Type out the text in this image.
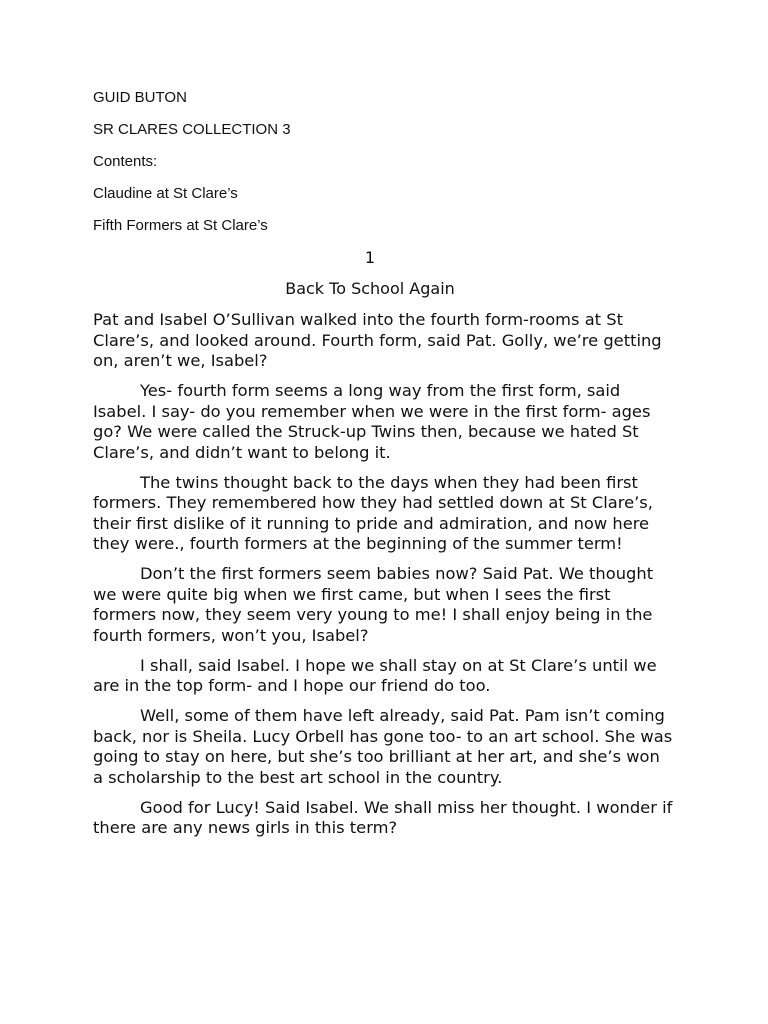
GUID BUTON
SR CLARES COLLECTION 3
Contents:
Claudine at St Clare’s
Fifth Formers at St Clare’s
1
Back To School Again

Pat and Isabel O’Sullivan walked into the fourth form-rooms at St Clare’s, and looked around. Fourth form, said Pat. Golly, we’re getting on, aren’t we, Isabel?

Yes- fourth form seems a long way from the first form, said Isabel. I say- do you remember when we were in the first form- ages go? We were called the Struck-up Twins then, because we hated St Clare’s, and didn’t want to belong it.

The twins thought back to the days when they had been first formers. They remembered how they had settled down at St Clare’s, their first dislike of it running to pride and admiration, and now here they were., fourth formers at the beginning of the summer term!

Don’t the first formers seem babies now? Said Pat. We thought we were quite big when we first came, but when I sees the first formers now, they seem very young to me! I shall enjoy being in the fourth formers, won’t you, Isabel?

I shall, said Isabel. I hope we shall stay on at St Clare’s until we are in the top form- and I hope our friend do too.

Well, some of them have left already, said Pat. Pam isn’t coming back, nor is Sheila. Lucy Orbell has gone too- to an art school. She was going to stay on here, but she’s too brilliant at her art, and she’s won a scholarship to the best art school in the country.

Good for Lucy! Said Isabel. We shall miss her thought. I wonder if there are any news girls in this term?
